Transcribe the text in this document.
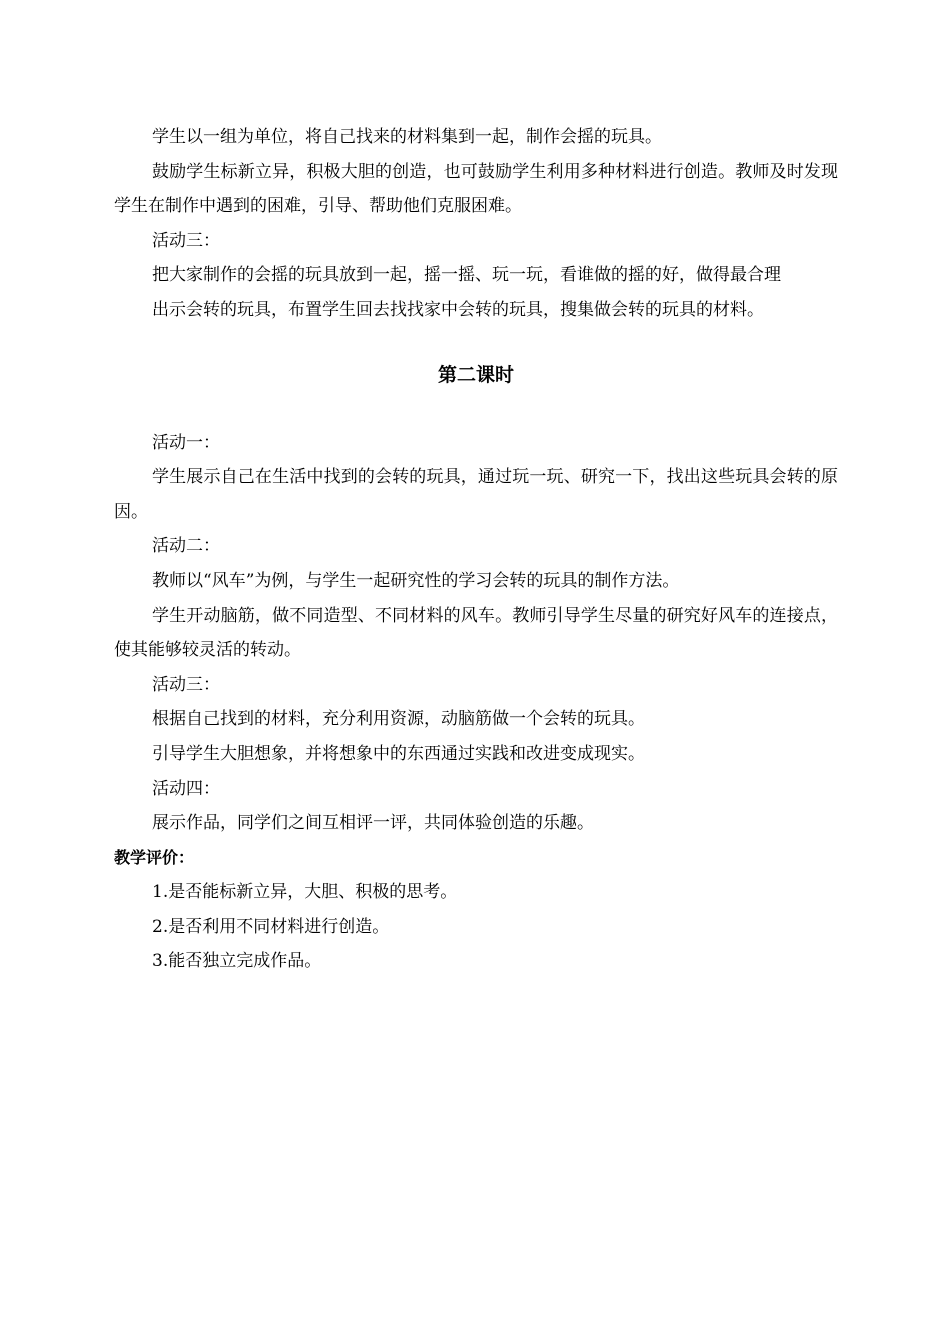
学生以一组为单位，将自己找来的材料集到一起，制作会摇的玩具。

鼓励学生标新立异，积极大胆的创造，也可鼓励学生利用多种材料进行创造。教师及时发现学生在制作中遇到的困难，引导、帮助他们克服困难。

活动三：

把大家制作的会摇的玩具放到一起，摇一摇、玩一玩，看谁做的摇的好，做得最合理

出示会转的玩具，布置学生回去找找家中会转的玩具，搜集做会转的玩具的材料。

第二课时

活动一：

学生展示自己在生活中找到的会转的玩具，通过玩一玩、研究一下，找出这些玩具会转的原因。

活动二：

教师以“风车”为例，与学生一起研究性的学习会转的玩具的制作方法。

学生开动脑筋，做不同造型、不同材料的风车。教师引导学生尽量的研究好风车的连接点，使其能够较灵活的转动。

活动三：

根据自己找到的材料，充分利用资源，动脑筋做一个会转的玩具。

引导学生大胆想象，并将想象中的东西通过实践和改进变成现实。

活动四：

展示作品，同学们之间互相评一评，共同体验创造的乐趣。

教学评价：

1.是否能标新立异，大胆、积极的思考。

2.是否利用不同材料进行创造。

3.能否独立完成作品。
